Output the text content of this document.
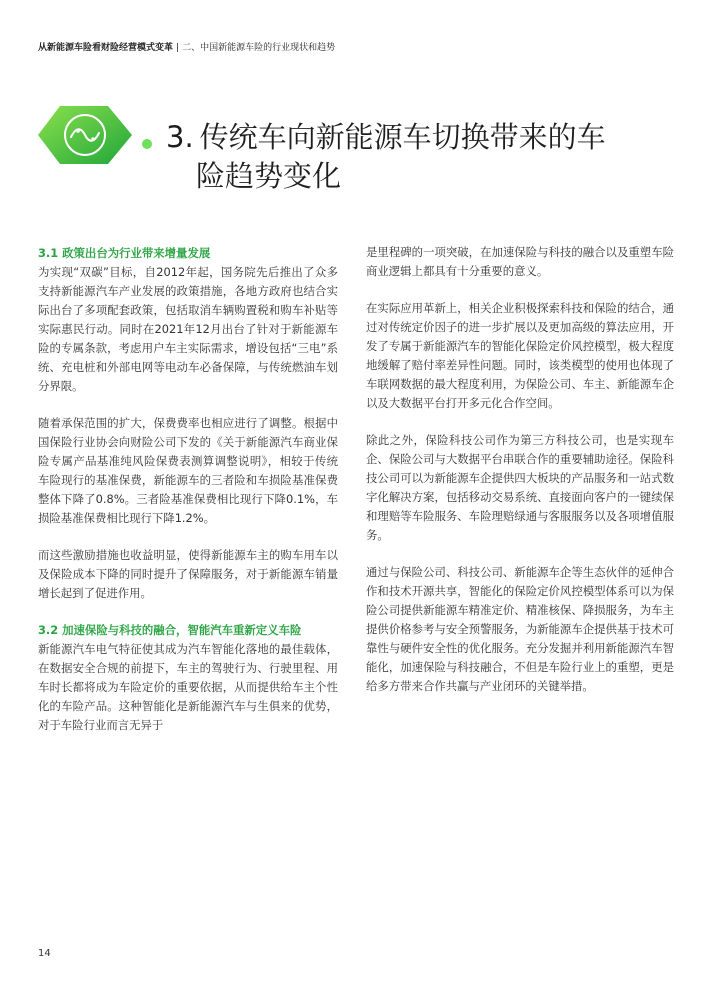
从新能源车险看财险经营模式变革 | 二、中国新能源车险的行业现状和趋势
3. 传统车向新能源车切换带来的车
险趋势变化
3.1 政策出台为行业带来增量发展

为实现“双碳”目标，自2012年起，国务院先后推出了众多支持新能源汽车产业发展的政策措施，各地方政府也结合实际出台了多项配套政策，包括取消车辆购置税和购车补贴等实际惠民行动。同时在2021年12月出台了针对于新能源车险的专属条款，考虑用户车主实际需求，增设包括“三电”系统、充电桩和外部电网等电动车必备保障，与传统燃油车划分界限。

随着承保范围的扩大，保费费率也相应进行了调整。根据中国保险行业协会向财险公司下发的《关于新能源汽车商业保险专属产品基准纯风险保费表测算调整说明》，相较于传统车险现行的基准保费，新能源车的三者险和车损险基准保费整体下降了0.8%。三者险基准保费相比现行下降0.1%，车损险基准保费相比现行下降1.2%。

而这些激励措施也收益明显，使得新能源车主的购车用车以及保险成本下降的同时提升了保障服务，对于新能源车销量增长起到了促进作用。

3.2 加速保险与科技的融合，智能汽车重新定义车险

新能源汽车电气特征使其成为汽车智能化落地的最佳载体，在数据安全合规的前提下，车主的驾驶行为、行驶里程、用车时长都将成为车险定价的重要依据，从而提供给车主个性化的车险产品。这种智能化是新能源汽车与生俱来的优势，对于车险行业而言无异于

是里程碑的一项突破，在加速保险与科技的融合以及重塑车险商业逻辑上都具有十分重要的意义。

在实际应用革新上，相关企业积极探索科技和保险的结合，通过对传统定价因子的进一步扩展以及更加高级的算法应用，开发了专属于新能源汽车的智能化保险定价风控模型，极大程度地缓解了赔付率差异性问题。同时，该类模型的使用也体现了车联网数据的最大程度利用，为保险公司、车主、新能源车企以及大数据平台打开多元化合作空间。

除此之外，保险科技公司作为第三方科技公司，也是实现车企、保险公司与大数据平台串联合作的重要辅助途径。保险科技公司可以为新能源车企提供四大板块的产品服务和一站式数字化解决方案，包括移动交易系统、直接面向客户的一键续保和理赔等车险服务、车险理赔绿通与客服服务以及各项增值服务。

通过与保险公司、科技公司、新能源车企等生态伙伴的延伸合作和技术开源共享，智能化的保险定价风控模型体系可以为保险公司提供新能源车精准定价、精准核保、降损服务，为车主提供价格参考与安全预警服务，为新能源车企提供基于技术可靠性与硬件安全性的优化服务。充分发掘并利用新能源汽车智能化，加速保险与科技融合，不但是车险行业上的重塑，更是给多方带来合作共赢与产业闭环的关键举措。

14
